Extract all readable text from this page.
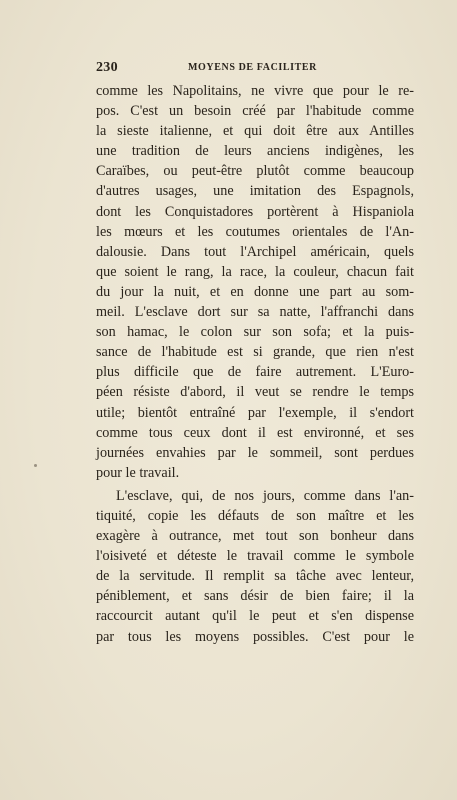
230	MOYENS DE FACILITER
comme les Napolitains, ne vivre que pour le re-
pos. C'est un besoin créé par l'habitude comme
la sieste italienne, et qui doit être aux Antilles
une tradition de leurs anciens indigènes, les
Caraïbes, ou peut-être plutôt comme beaucoup
d'autres usages, une imitation des Espagnols,
dont les Conquistadores portèrent à Hispaniola
les mœurs et les coutumes orientales de l'An-
dalousie. Dans tout l'Archipel américain, quels
que soient le rang, la race, la couleur, chacun fait
du jour la nuit, et en donne une part au som-
meil. L'esclave dort sur sa natte, l'affranchi dans
son hamac, le colon sur son sofa; et la puis-
sance de l'habitude est si grande, que rien n'est
plus difficile que de faire autrement. L'Euro-
péen résiste d'abord, il veut se rendre le temps
utile; bientôt entraîné par l'exemple, il s'endort
comme tous ceux dont il est environné, et ses
journées envahies par le sommeil, sont perdues
pour le travail.
L'esclave, qui, de nos jours, comme dans l'an-
tiquité, copie les défauts de son maître et les
exagère à outrance, met tout son bonheur dans
l'oisiveté et déteste le travail comme le symbole
de la servitude. Il remplit sa tâche avec lenteur,
péniblement, et sans désir de bien faire; il la
raccourcit autant qu'il le peut et s'en dispense
par tous les moyens possibles. C'est pour le
